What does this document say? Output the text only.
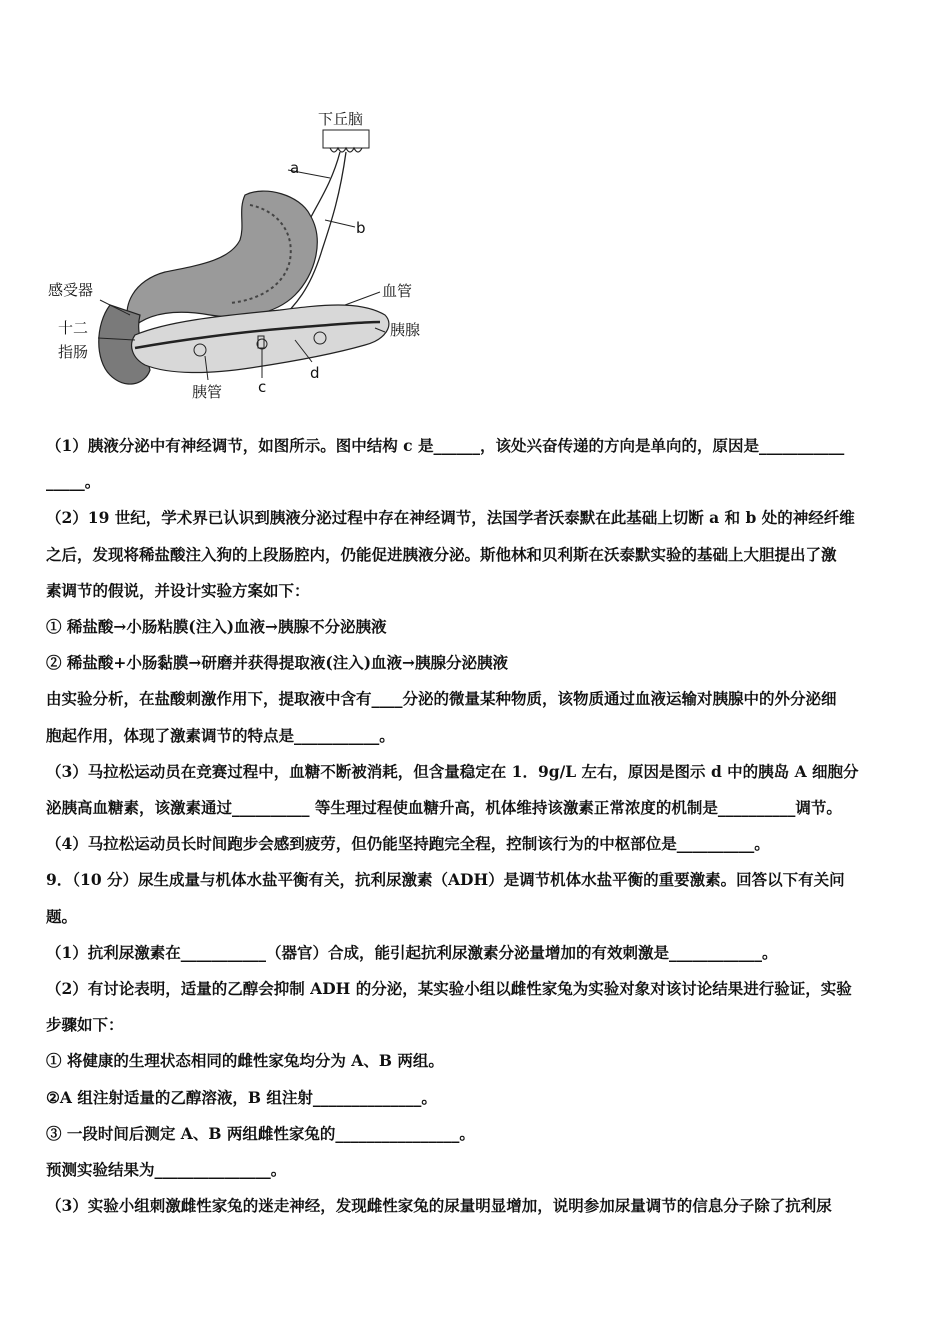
下丘脑
a
b
感受器	血管
十二
指肠
胰腺
胰管 c
d

（1）胰液分泌中有神经调节，如图所示。图中结构 c 是______，该处兴奋传递的方向是单向的，原因是___________

_____。

（2）19 世纪，学术界已认识到胰液分泌过程中存在神经调节，法国学者沃泰默在此基础上切断 a 和 b 处的神经纤维

之后，发现将稀盐酸注入狗的上段肠腔内，仍能促进胰液分泌。斯他林和贝利斯在沃泰默实验的基础上大胆提出了激

素调节的假说，并设计实验方案如下：

① 稀盐酸→小肠粘膜(注入)血液→胰腺不分泌胰液

② 稀盐酸+小肠黏膜→研磨并获得提取液(注入)血液→胰腺分泌胰液

由实验分析，在盐酸刺激作用下，提取液中含有____分泌的微量某种物质，该物质通过血液运输对胰腺中的外分泌细

胞起作用，体现了激素调节的特点是___________。

（3）马拉松运动员在竞赛过程中，血糖不断被消耗，但含量稳定在 1．9g/L 左右，原因是图示 d 中的胰岛 A 细胞分

泌胰高血糖素，该激素通过__________ 等生理过程使血糖升高，机体维持该激素正常浓度的机制是__________调节。

（4）马拉松运动员长时间跑步会感到疲劳，但仍能坚持跑完全程，控制该行为的中枢部位是__________。

9．（10 分）尿生成量与机体水盐平衡有关，抗利尿激素（ADH）是调节机体水盐平衡的重要激素。回答以下有关问

题。

（1）抗利尿激素在___________（器官）合成，能引起抗利尿激素分泌量增加的有效刺激是____________。

（2）有讨论表明，适量的乙醇会抑制 ADH 的分泌，某实验小组以雌性家兔为实验对象对该讨论结果进行验证，实验

步骤如下：

① 将健康的生理状态相同的雌性家兔均分为 A、B 两组。

②A 组注射适量的乙醇溶液，B 组注射______________。

③ 一段时间后测定 A、B 两组雌性家兔的________________。

预测实验结果为_______________。

（3）实验小组刺激雌性家兔的迷走神经，发现雌性家兔的尿量明显增加，说明参加尿量调节的信息分子除了抗利尿
